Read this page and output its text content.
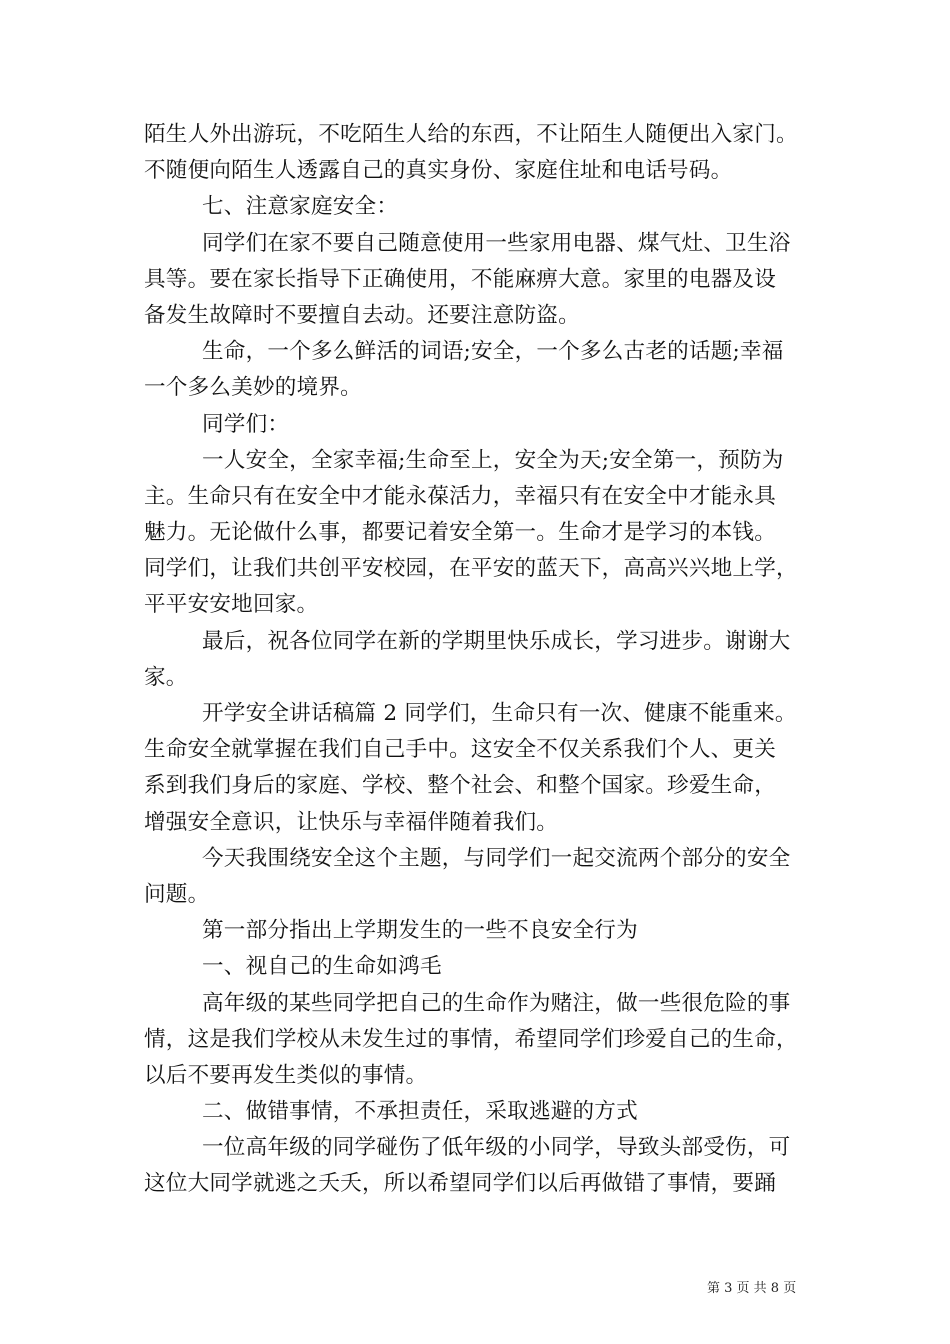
陌生人外出游玩，不吃陌生人给的东西，不让陌生人随便出入家门。
不随便向陌生人透露自己的真实身份、家庭住址和电话号码。
七、注意家庭安全：
同学们在家不要自己随意使用一些家用电器、煤气灶、卫生浴
具等。要在家长指导下正确使用，不能麻痹大意。家里的电器及设
备发生故障时不要擅自去动。还要注意防盗。
生命，一个多么鲜活的词语;安全，一个多么古老的话题;幸福
一个多么美妙的境界。
同学们：
一人安全，全家幸福;生命至上，安全为天;安全第一，预防为
主。生命只有在安全中才能永葆活力，幸福只有在安全中才能永具
魅力。无论做什么事，都要记着安全第一。生命才是学习的本钱。
同学们，让我们共创平安校园，在平安的蓝天下，高高兴兴地上学，
平平安安地回家。
最后，祝各位同学在新的学期里快乐成长，学习进步。谢谢大
家。
开学安全讲话稿篇 2 同学们，生命只有一次、健康不能重来。
生命安全就掌握在我们自己手中。这安全不仅关系我们个人、更关
系到我们身后的家庭、学校、整个社会、和整个国家。珍爱生命，
增强安全意识，让快乐与幸福伴随着我们。
今天我围绕安全这个主题，与同学们一起交流两个部分的安全
问题。
第一部分指出上学期发生的一些不良安全行为
一、视自己的生命如鸿毛
高年级的某些同学把自己的生命作为赌注，做一些很危险的事
情，这是我们学校从未发生过的事情，希望同学们珍爱自己的生命，
以后不要再发生类似的事情。
二、做错事情，不承担责任，采取逃避的方式
一位高年级的同学碰伤了低年级的小同学，导致头部受伤，可
这位大同学就逃之夭夭，所以希望同学们以后再做错了事情，要踊
第 3 页 共 8 页
